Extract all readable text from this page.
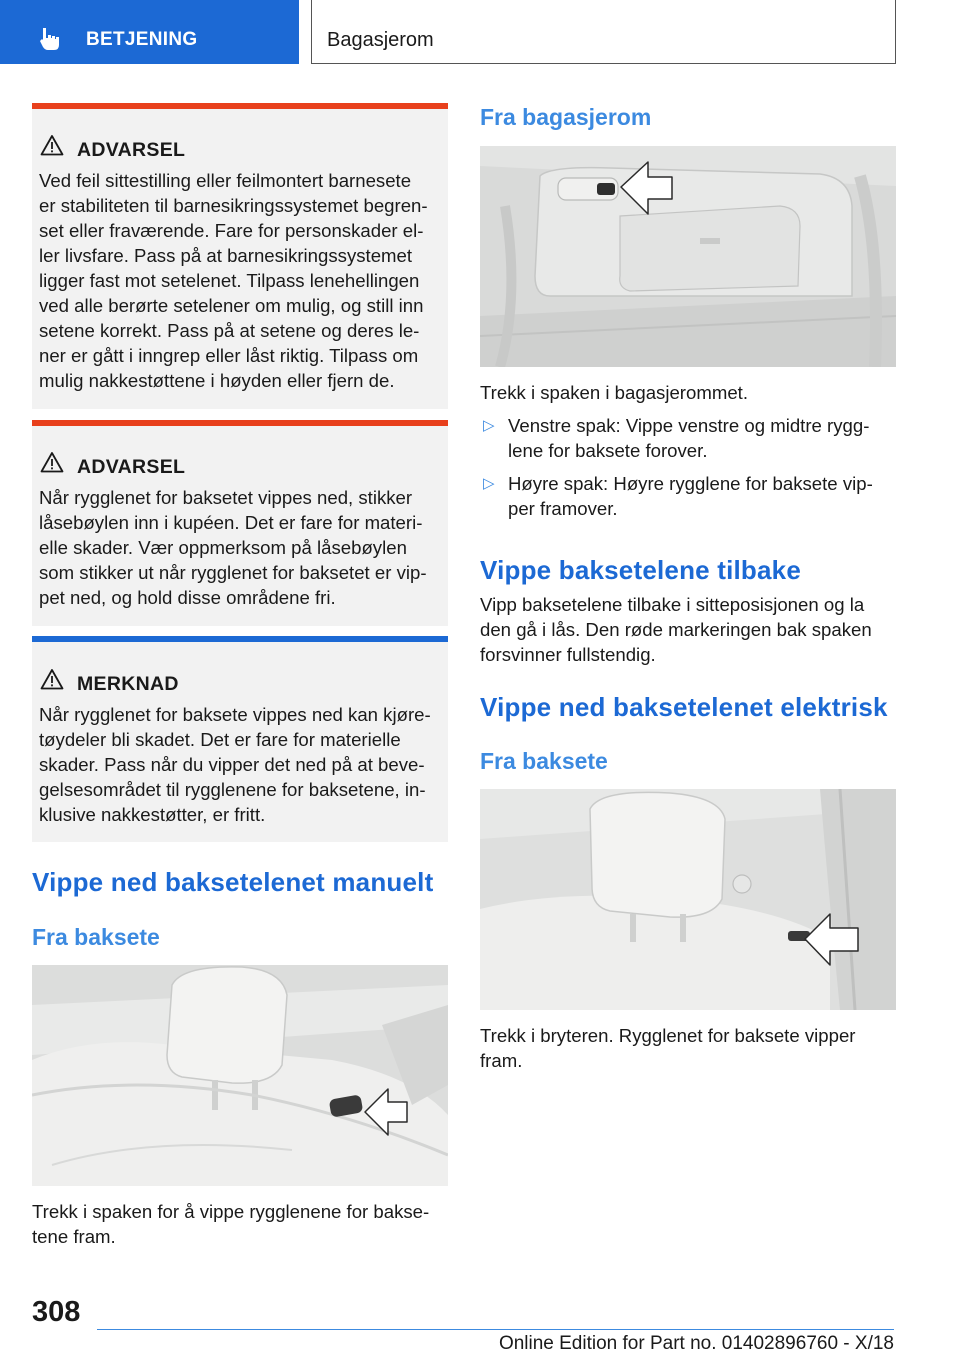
BETJENING	Bagasjerom
ADVARSEL
Ved feil sittestilling eller feilmontert barnesete
er stabiliteten til barnesikringssystemet begren-
set eller fraværende. Fare for personskader el-
ler livsfare. Pass på at barnesikringssystemet
ligger fast mot setelenet. Tilpass lenehellingen
ved alle berørte setelener om mulig, og still inn
setene korrekt. Pass på at setene og deres le-
ner er gått i inngrep eller låst riktig. Tilpass om
mulig nakkestøttene i høyden eller fjern de.
ADVARSEL
Når rygglenet for baksetet vippes ned, stikker
låsebøylen inn i kupéen. Det er fare for materi-
elle skader. Vær oppmerksom på låsebøylen
som stikker ut når rygglenet for baksetet er vip-
pet ned, og hold disse områdene fri.
MERKNAD
Når rygglenet for baksete vippes ned kan kjøre-
tøydeler bli skadet. Det er fare for materielle
skader. Pass når du vipper det ned på at beve-
gelsesområdet til rygglenene for baksetene, in-
klusive nakkestøtter, er fritt.
Vippe ned baksetelenet manuelt
Fra baksete
Trekk i spaken for å vippe rygglenene for bakse-
tene fram.
Fra bagasjerom
Trekk i spaken i bagasjerommet.
▷ Venstre spak: Vippe venstre og midtre rygg-
lene for baksete forover.
▷ Høyre spak: Høyre rygglene for baksete vip-
per framover.
Vippe baksetelene tilbake
Vipp baksetelene tilbake i sitteposisjonen og la
den gå i lås. Den røde markeringen bak spaken
forsvinner fullstendig.
Vippe ned baksetelenet elektrisk
Fra baksete
Trekk i bryteren. Rygglenet for baksete vipper
fram.
308
Online Edition for Part no. 01402896760 - X/18
